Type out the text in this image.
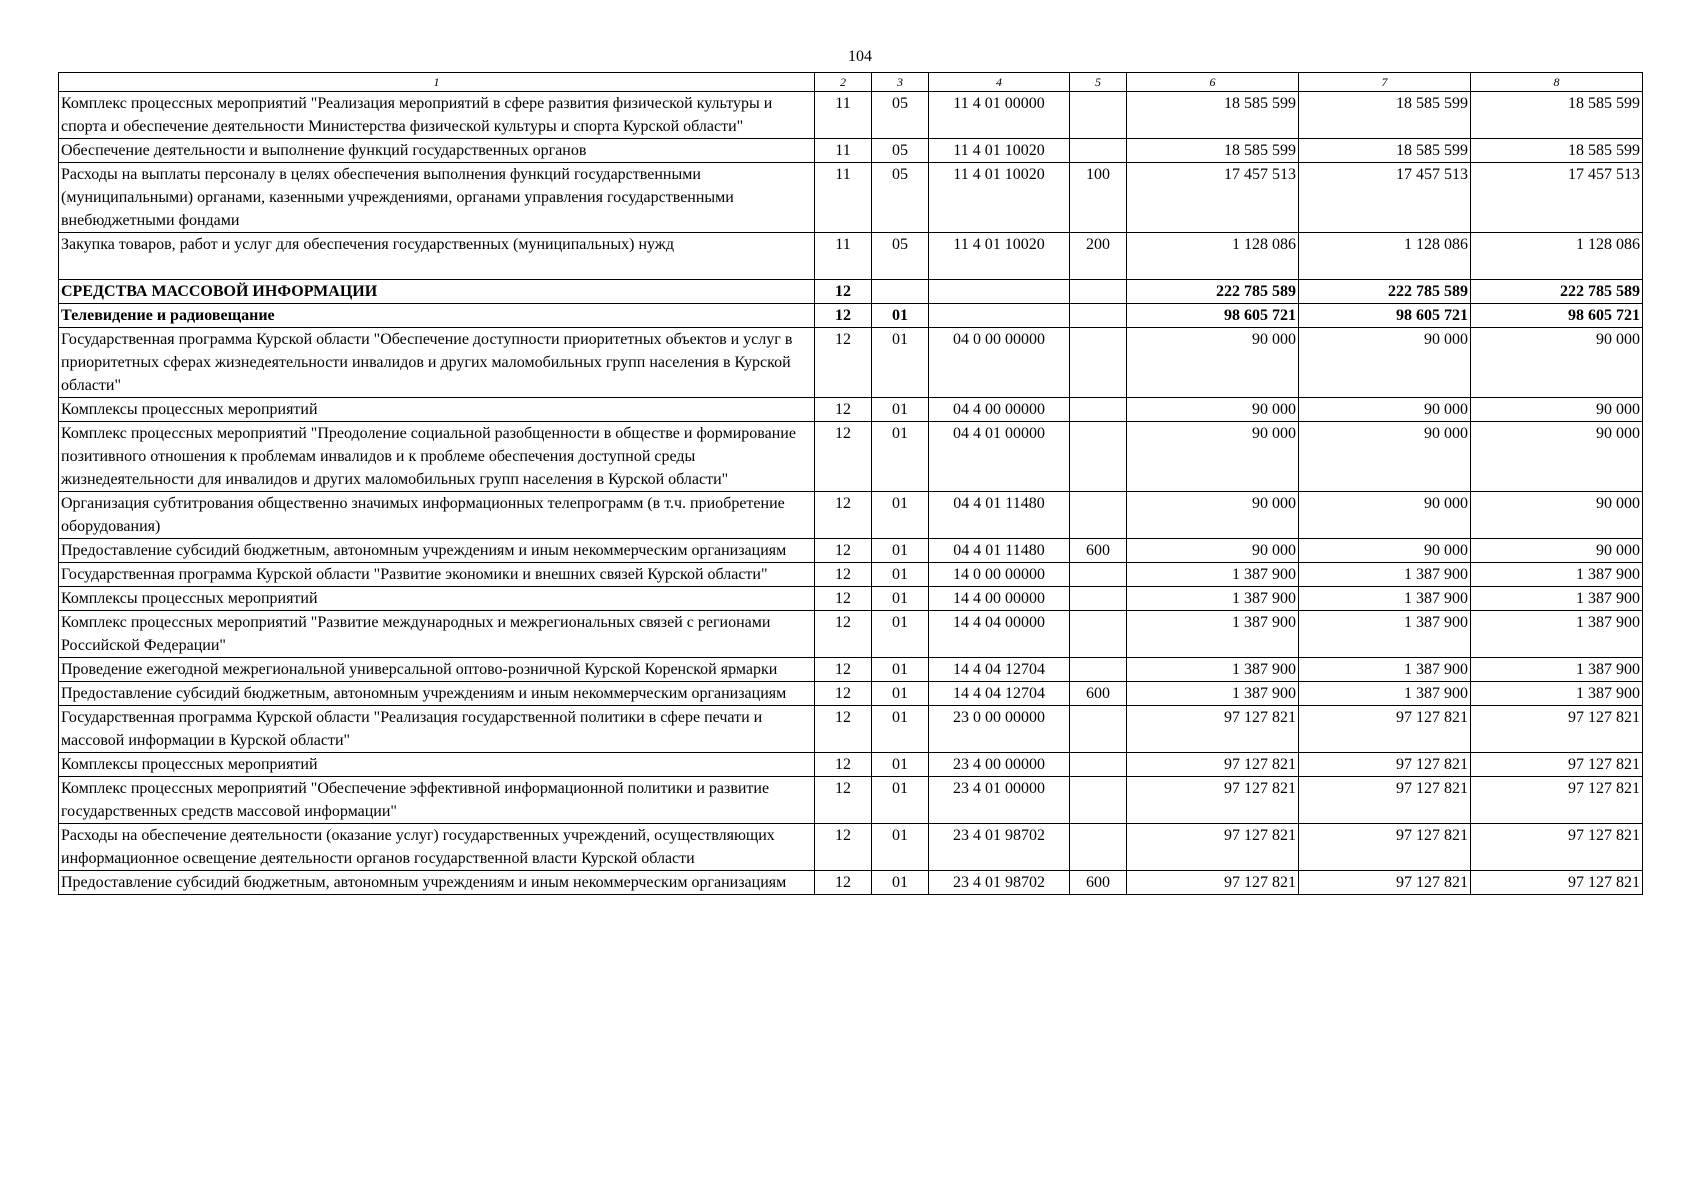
104
1	2	3	4	5	6	7	8
Комплекс процессных мероприятий "Реализация мероприятий в сфере развития физической культуры и спорта и обеспечение деятельности Министерства физической культуры и спорта Курской области"	11	05	11 4 01 00000		18 585 599	18 585 599	18 585 599
Обеспечение деятельности и выполнение функций государственных органов	11	05	11 4 01 10020		18 585 599	18 585 599	18 585 599
Расходы на выплаты персоналу в целях обеспечения выполнения функций государственными (муниципальными) органами, казенными учреждениями, органами управления государственными внебюджетными фондами	11	05	11 4 01 10020	100	17 457 513	17 457 513	17 457 513
Закупка товаров, работ и услуг для обеспечения государственных (муниципальных) нужд	11	05	11 4 01 10020	200	1 128 086	1 128 086	1 128 086
СРЕДСТВА МАССОВОЙ ИНФОРМАЦИИ	12				222 785 589	222 785 589	222 785 589
Телевидение и радиовещание	12	01			98 605 721	98 605 721	98 605 721
Государственная программа Курской области "Обеспечение доступности приоритетных объектов и услуг в приоритетных сферах жизнедеятельности инвалидов и других маломобильных групп населения в Курской области"	12	01	04 0 00 00000		90 000	90 000	90 000
Комплексы процессных мероприятий	12	01	04 4 00 00000		90 000	90 000	90 000
Комплекс процессных мероприятий "Преодоление социальной разобщенности в обществе и формирование позитивного отношения к проблемам инвалидов и к проблеме обеспечения доступной среды жизнедеятельности для инвалидов и других маломобильных групп населения в Курской области"	12	01	04 4 01 00000		90 000	90 000	90 000
Организация субтитрования общественно значимых информационных телепрограмм (в т.ч. приобретение оборудования)	12	01	04 4 01 11480		90 000	90 000	90 000
Предоставление субсидий бюджетным, автономным учреждениям и иным некоммерческим организациям	12	01	04 4 01 11480	600	90 000	90 000	90 000
Государственная программа Курской области "Развитие экономики и внешних связей Курской области"	12	01	14 0 00 00000		1 387 900	1 387 900	1 387 900
Комплексы процессных мероприятий	12	01	14 4 00 00000		1 387 900	1 387 900	1 387 900
Комплекс процессных мероприятий "Развитие международных и межрегиональных связей с регионами Российской Федерации"	12	01	14 4 04 00000		1 387 900	1 387 900	1 387 900
Проведение ежегодной межрегиональной универсальной оптово-розничной Курской Коренской ярмарки	12	01	14 4 04 12704		1 387 900	1 387 900	1 387 900
Предоставление субсидий бюджетным, автономным учреждениям и иным некоммерческим организациям	12	01	14 4 04 12704	600	1 387 900	1 387 900	1 387 900
Государственная программа Курской области "Реализация государственной политики в сфере печати и массовой информации в Курской области"	12	01	23 0 00 00000		97 127 821	97 127 821	97 127 821
Комплексы процессных мероприятий	12	01	23 4 00 00000		97 127 821	97 127 821	97 127 821
Комплекс процессных мероприятий "Обеспечение эффективной информационной политики и развитие государственных средств массовой информации"	12	01	23 4 01 00000		97 127 821	97 127 821	97 127 821
Расходы на обеспечение деятельности (оказание услуг) государственных учреждений, осуществляющих информационное освещение деятельности органов государственной власти Курской области	12	01	23 4 01 98702		97 127 821	97 127 821	97 127 821
Предоставление субсидий бюджетным, автономным учреждениям и иным некоммерческим организациям	12	01	23 4 01 98702	600	97 127 821	97 127 821	97 127 821
